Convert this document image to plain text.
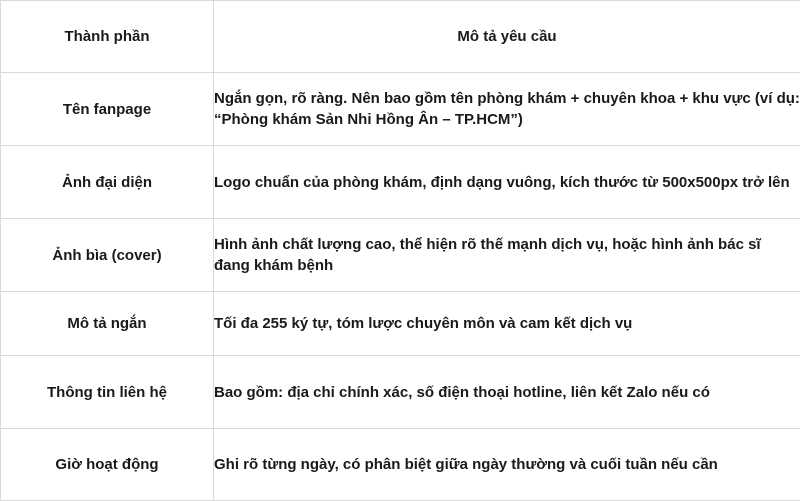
Thành phần	Mô tả yêu cầu
Tên fanpage	Ngắn gọn, rõ ràng. Nên bao gồm tên phòng khám + chuyên khoa + khu vực (ví dụ: “Phòng khám Sản Nhi Hồng Ân – TP.HCM”)
Ảnh đại diện	Logo chuẩn của phòng khám, định dạng vuông, kích thước từ 500x500px trở lên
Ảnh bìa (cover)	Hình ảnh chất lượng cao, thể hiện rõ thế mạnh dịch vụ, hoặc hình ảnh bác sĩ đang khám bệnh
Mô tả ngắn	Tối đa 255 ký tự, tóm lược chuyên môn và cam kết dịch vụ
Thông tin liên hệ	Bao gồm: địa chỉ chính xác, số điện thoại hotline, liên kết Zalo nếu có
Giờ hoạt động	Ghi rõ từng ngày, có phân biệt giữa ngày thường và cuối tuần nếu cần
